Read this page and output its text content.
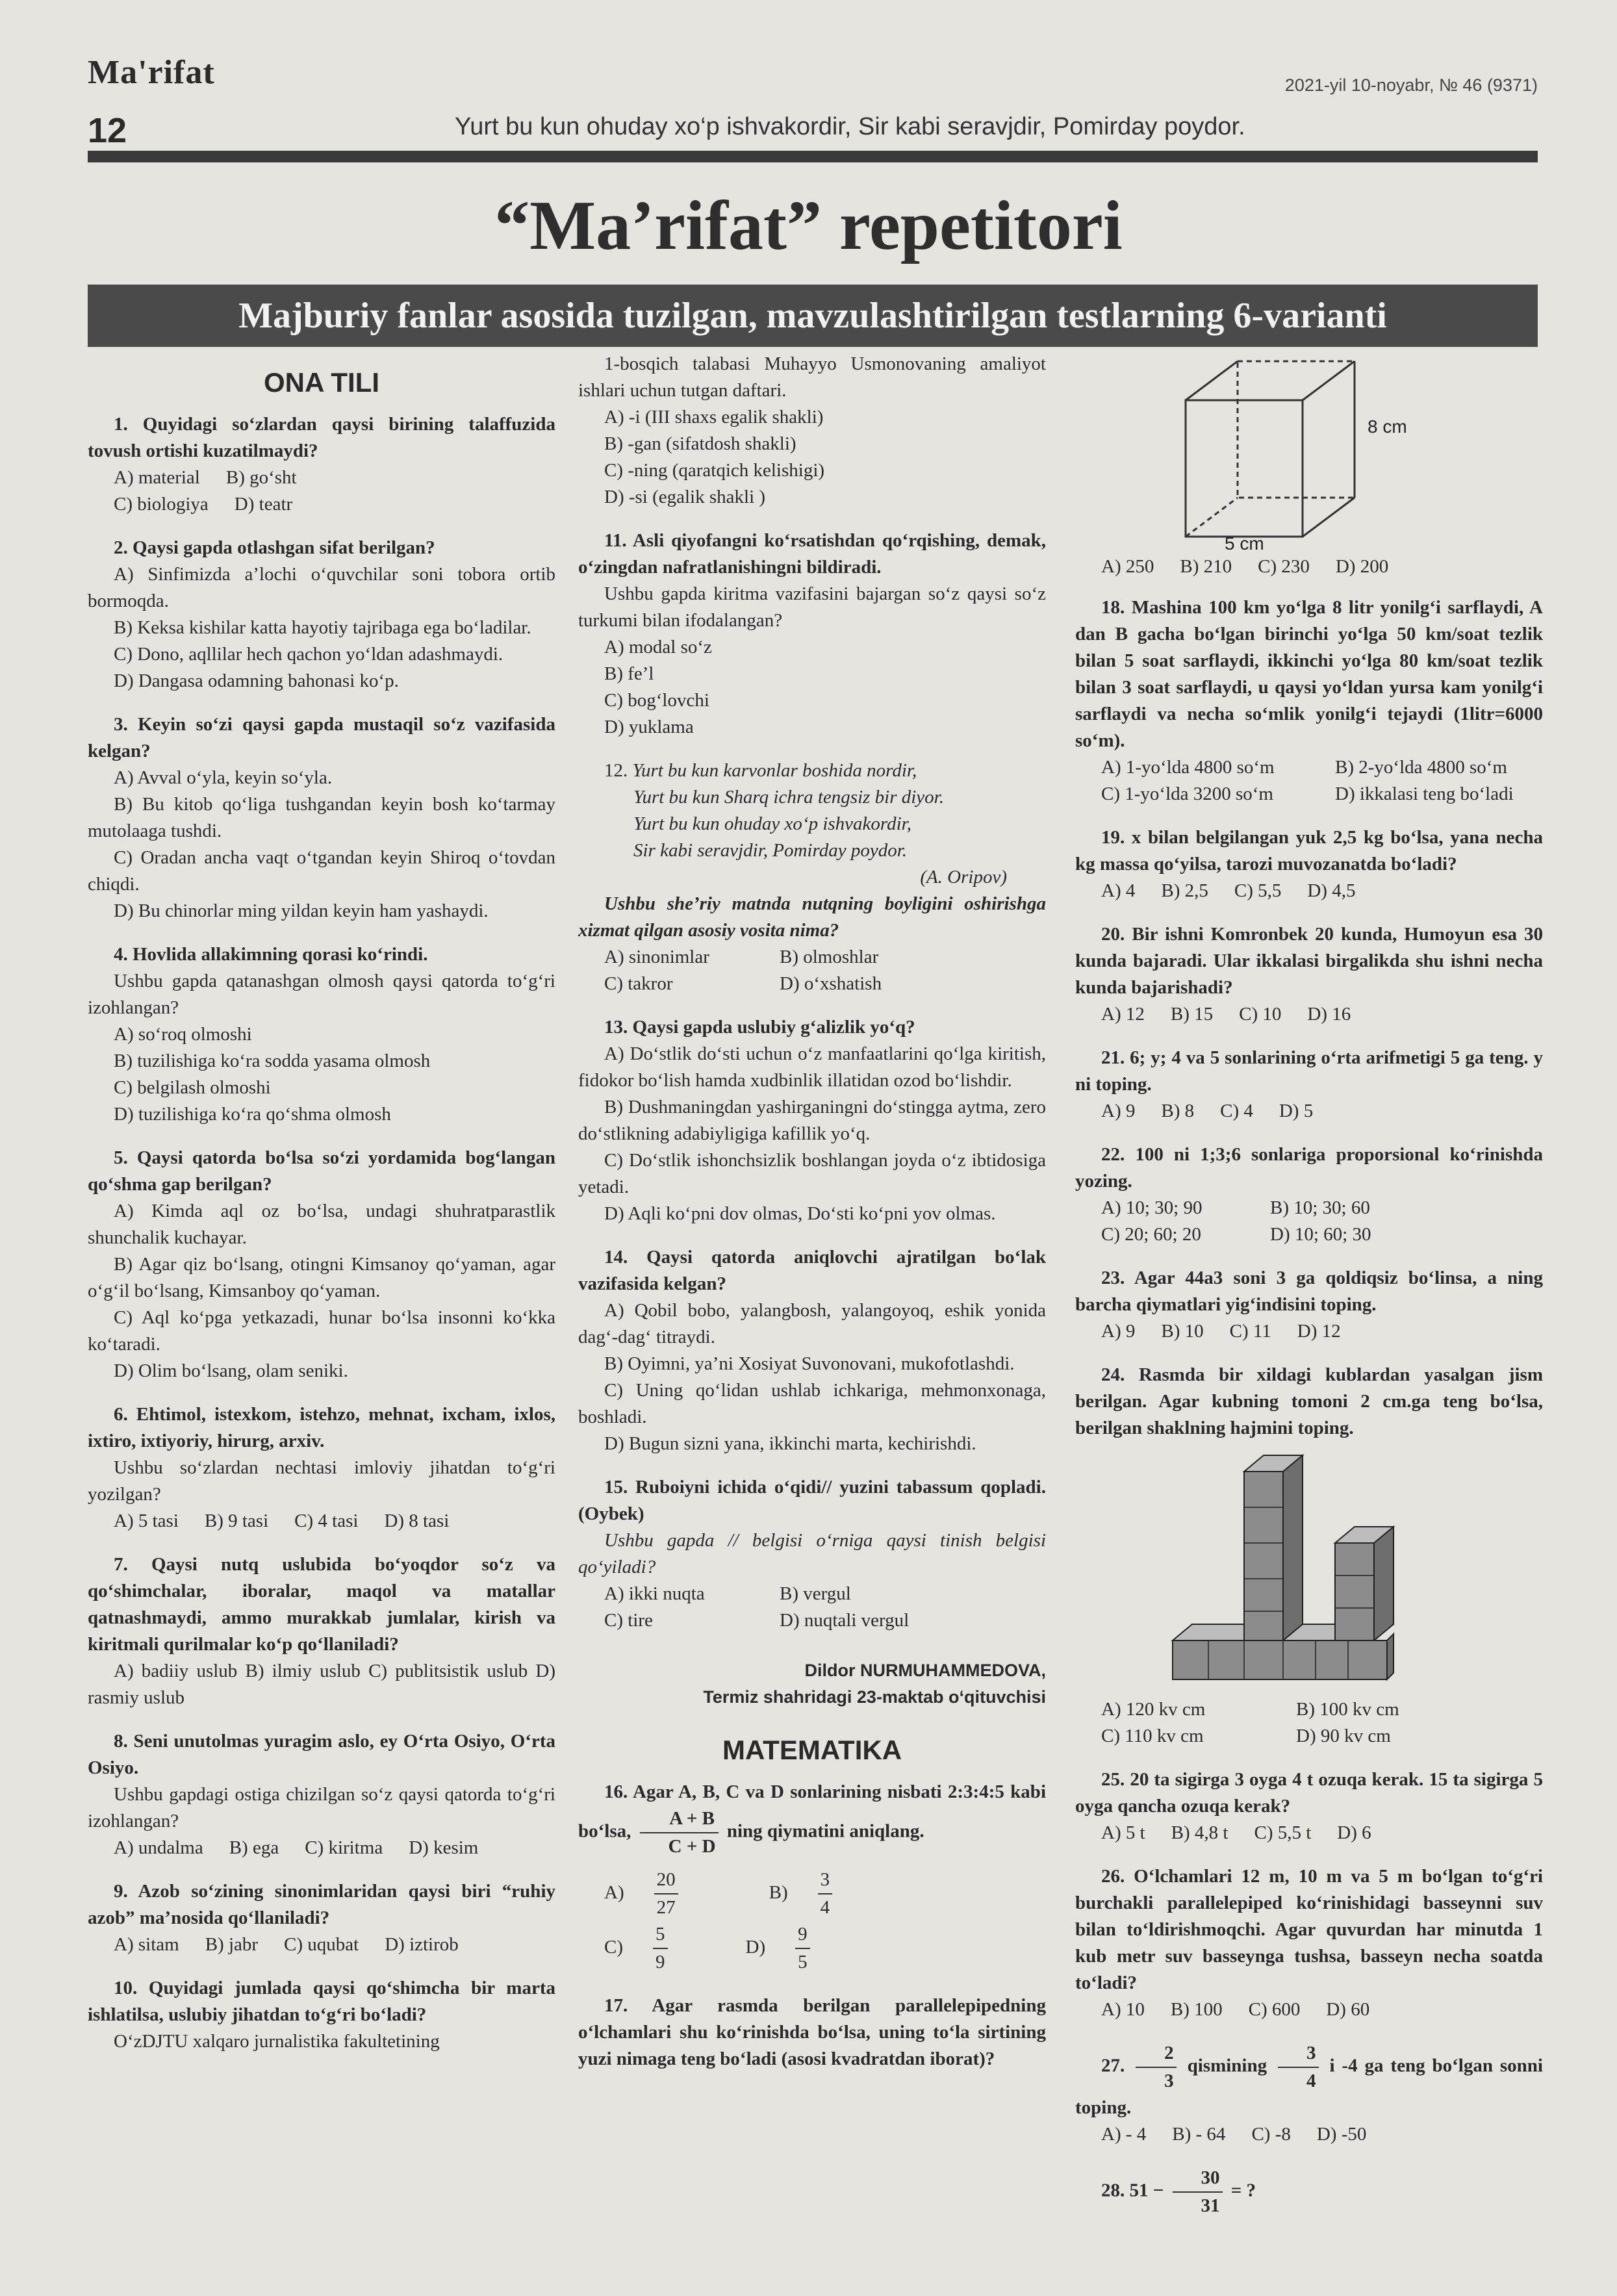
Ma'rifat	2021-yil 10-noyabr, № 46 (9371)
12	Yurt bu kun ohuday xo‘p ishvakordir, Sir kabi seravjdir, Pomirday poydor.
“Ma’rifat” repetitori
Majburiy fanlar asosida tuzilgan, mavzulashtirilgan testlarning 6-varianti
ONA TILI
1. Quyidagi so‘zlardan qaysi birining talaffuzida tovush ortishi kuzatilmaydi?
A) material B) go‘sht
C) biologiya D) teatr
2. Qaysi gapda otlashgan sifat berilgan?
A) Sinfimizda a’lochi o‘quvchilar soni tobora ortib bormoqda.
B) Keksa kishilar katta hayotiy tajribaga ega bo‘ladilar.
C) Dono, aqllilar hech qachon yo‘ldan adashmaydi.
D) Dangasa odamning bahonasi ko‘p.
3. Keyin so‘zi qaysi gapda mustaqil so‘z vazifasida kelgan?
A) Avval o‘yla, keyin so‘yla.
B) Bu kitob qo‘liga tushgandan keyin bosh ko‘tarmay mutolaaga tushdi.
C) Oradan ancha vaqt o‘tgandan keyin Shiroq o‘tovdan chiqdi.
D) Bu chinorlar ming yildan keyin ham yashaydi.
4. Hovlida allakimning qorasi ko‘rindi.
Ushbu gapda qatanashgan olmosh qaysi qatorda to‘g‘ri izohlangan?
A) so‘roq olmoshi
B) tuzilishiga ko‘ra sodda yasama olmosh
C) belgilash olmoshi
D) tuzilishiga ko‘ra qo‘shma olmosh
5. Qaysi qatorda bo‘lsa so‘zi yordamida bog‘langan qo‘shma gap berilgan?
A) Kimda aql oz bo‘lsa, undagi shuhratparastlik shunchalik kuchayar.
B) Agar qiz bo‘lsang, otingni Kimsanoy qo‘yaman, agar o‘g‘il bo‘lsang, Kimsanboy qo‘yaman.
C) Aql ko‘pga yetkazadi, hunar bo‘lsa insonni ko‘kka ko‘taradi.
D) Olim bo‘lsang, olam seniki.
6. Ehtimol, istexkom, istehzo, mehnat, ixcham, ixlos, ixtiro, ixtiyoriy, hirurg, arxiv.
Ushbu so‘zlardan nechtasi imloviy jihatdan to‘g‘ri yozilgan?
A) 5 tasi B) 9 tasi C) 4 tasi D) 8 tasi
7. Qaysi nutq uslubida bo‘yoqdor so‘z va qo‘shimchalar, iboralar, maqol va matallar qatnashmaydi, ammo murakkab jumlalar, kirish va kiritmali qurilmalar ko‘p qo‘llaniladi?
A) badiiy uslub B) ilmiy uslub C) publitsistik uslub D) rasmiy uslub
8. Seni unutolmas yuragim aslo, ey O‘rta Osiyo, O‘rta Osiyo.
Ushbu gapdagi ostiga chizilgan so‘z qaysi qatorda to‘g‘ri izohlangan?
A) undalma B) ega C) kiritma D) kesim
9. Azob so‘zining sinonimlaridan qaysi biri “ruhiy azob” ma’nosida qo‘llaniladi?
A) sitam B) jabr C) uqubat D) iztirob
10. Quyidagi jumlada qaysi qo‘shimcha bir marta ishlatilsa, uslubiy jihatdan to‘g‘ri bo‘ladi?
O‘zDJTU xalqaro jurnalistika fakultetining
1-bosqich talabasi Muhayyo Usmonovaning amaliyot ishlari uchun tutgan daftari.
A) -i (III shaxs egalik shakli)
B) -gan (sifatdosh shakli)
C) -ning (qaratqich kelishigi)
D) -si (egalik shakli )
11. Asli qiyofangni ko‘rsatishdan qo‘rqishing, demak, o‘zingdan nafratlanishingni bildiradi.
Ushbu gapda kiritma vazifasini bajargan so‘z qaysi so‘z turkumi bilan ifodalangan?
A) modal so‘z
B) fe’l
C) bog‘lovchi
D) yuklama
12. Yurt bu kun karvonlar boshida nordir,
Yurt bu kun Sharq ichra tengsiz bir diyor.
Yurt bu kun ohuday xo‘p ishvakordir,
Sir kabi seravjdir, Pomirday poydor.
(A. Oripov)
Ushbu she’riy matnda nutqning boyligini oshirishga xizmat qilgan asosiy vosita nima?
A) sinonimlar	B) olmoshlar
C) takror	D) o‘xshatish
13. Qaysi gapda uslubiy g‘alizlik yo‘q?
A) Do‘stlik do‘sti uchun o‘z manfaatlarini qo‘lga kiritish, fidokor bo‘lish hamda xudbinlik illatidan ozod bo‘lishdir.
B) Dushmaningdan yashirganingni do‘stingga aytma, zero do‘stlikning adabiyligiga kafillik yo‘q.
C) Do‘stlik ishonchsizlik boshlangan joyda o‘z ibtidosiga yetadi.
D) Aqli ko‘pni dov olmas, Do‘sti ko‘pni yov olmas.
14. Qaysi qatorda aniqlovchi ajratilgan bo‘lak vazifasida kelgan?
A) Qobil bobo, yalangbosh, yalangoyoq, eshik yonida dag‘-dag‘ titraydi.
B) Oyimni, ya’ni Xosiyat Suvonovani, mukofotlashdi.
C) Uning qo‘lidan ushlab ichkariga, mehmonxonaga, boshladi.
D) Bugun sizni yana, ikkinchi marta, kechirishdi.
15. Ruboiyni ichida o‘qidi// yuzini tabassum qopladi. (Oybek)
Ushbu gapda // belgisi o‘rniga qaysi tinish belgisi qo‘yiladi?
A) ikki nuqta	B) vergul
C) tire	D) nuqtali vergul
Dildor NURMUHAMMEDOVA,
Termiz shahridagi 23-maktab o‘qituvchisi
MATEMATIKA
16. Agar A, B, C va D sonlarining nisbati 2:3:4:5 kabi bo‘lsa, $\frac{A + B}{C + D}$ ning qiymatini aniqlang.
$A) \frac{20}{27}$	$B) \frac{3}{4}$
$C) \frac{5}{9}$	$D) \frac{9}{5}$
17. Agar rasmda berilgan parallelepipedning o‘lchamlari shu ko‘rinishda bo‘lsa, uning to‘la sirtining yuzi nimaga teng bo‘ladi (asosi kvadratdan iborat)?
8 cm
5 cm
A) 250 B) 210 C) 230 D) 200
18. Mashina 100 km yo‘lga 8 litr yonilg‘i sarflaydi, A dan B gacha bo‘lgan birinchi yo‘lga 50 km/soat tezlik bilan 5 soat sarflaydi, ikkinchi yo‘lga 80 km/soat tezlik bilan 3 soat sarflaydi, u qaysi yo‘ldan yursa kam yonilg‘i sarflaydi va necha so‘mlik yonilg‘i tejaydi (1litr=6000 so‘m).
A) 1-yo‘lda 4800 so‘m	B) 2-yo‘lda 4800 so‘m
C) 1-yo‘lda 3200 so‘m	D) ikkalasi teng bo‘ladi
19. x bilan belgilangan yuk 2,5 kg bo‘lsa, yana necha kg massa qo‘yilsa, tarozi muvozanatda bo‘ladi?
A) 4 B) 2,5 C) 5,5 D) 4,5
20. Bir ishni Komronbek 20 kunda, Humoyun esa 30 kunda bajaradi. Ular ikkalasi birgalikda shu ishni necha kunda bajarishadi?
A) 12 B) 15 C) 10 D) 16
21. 6; y; 4 va 5 sonlarining o‘rta arifmetigi 5 ga teng. y ni toping.
A) 9 B) 8 C) 4 D) 5
22. 100 ni 1;3;6 sonlariga proporsional ko‘rinishda yozing.
A) 10; 30; 90	B) 10; 30; 60
C) 20; 60; 20	D) 10; 60; 30
23. Agar 44a3 soni 3 ga qoldiqsiz bo‘linsa, a ning barcha qiymatlari yig‘indisini toping.
A) 9 B) 10 C) 11 D) 12
24. Rasmda bir xildagi kublardan yasalgan jism berilgan. Agar kubning tomoni 2 cm.ga teng bo‘lsa, berilgan shaklning hajmini toping.
A) 120 kv cm	B) 100 kv cm
C) 110 kv cm	D) 90 kv cm
25. 20 ta sigirga 3 oyga 4 t ozuqa kerak. 15 ta sigirga 5 oyga qancha ozuqa kerak?
A) 5 t B) 4,8 t C) 5,5 t D) 6
26. O‘lchamlari 12 m, 10 m va 5 m bo‘lgan to‘g‘ri burchakli parallelepiped ko‘rinishidagi basseynni suv bilan to‘ldirishmoqchi. Agar quvurdan har minutda 1 kub metr suv basseynga tushsa, basseyn necha soatda to‘ladi?
A) 10 B) 100 C) 600 D) 60
27. $\frac{2}{3}$ qismining $\frac{3}{4}$ i -4 ga teng bo‘lgan sonni toping.
A) - 4 B) - 64 C) -8 D) -50
28. $51 - \frac{30}{31}$ = ?
